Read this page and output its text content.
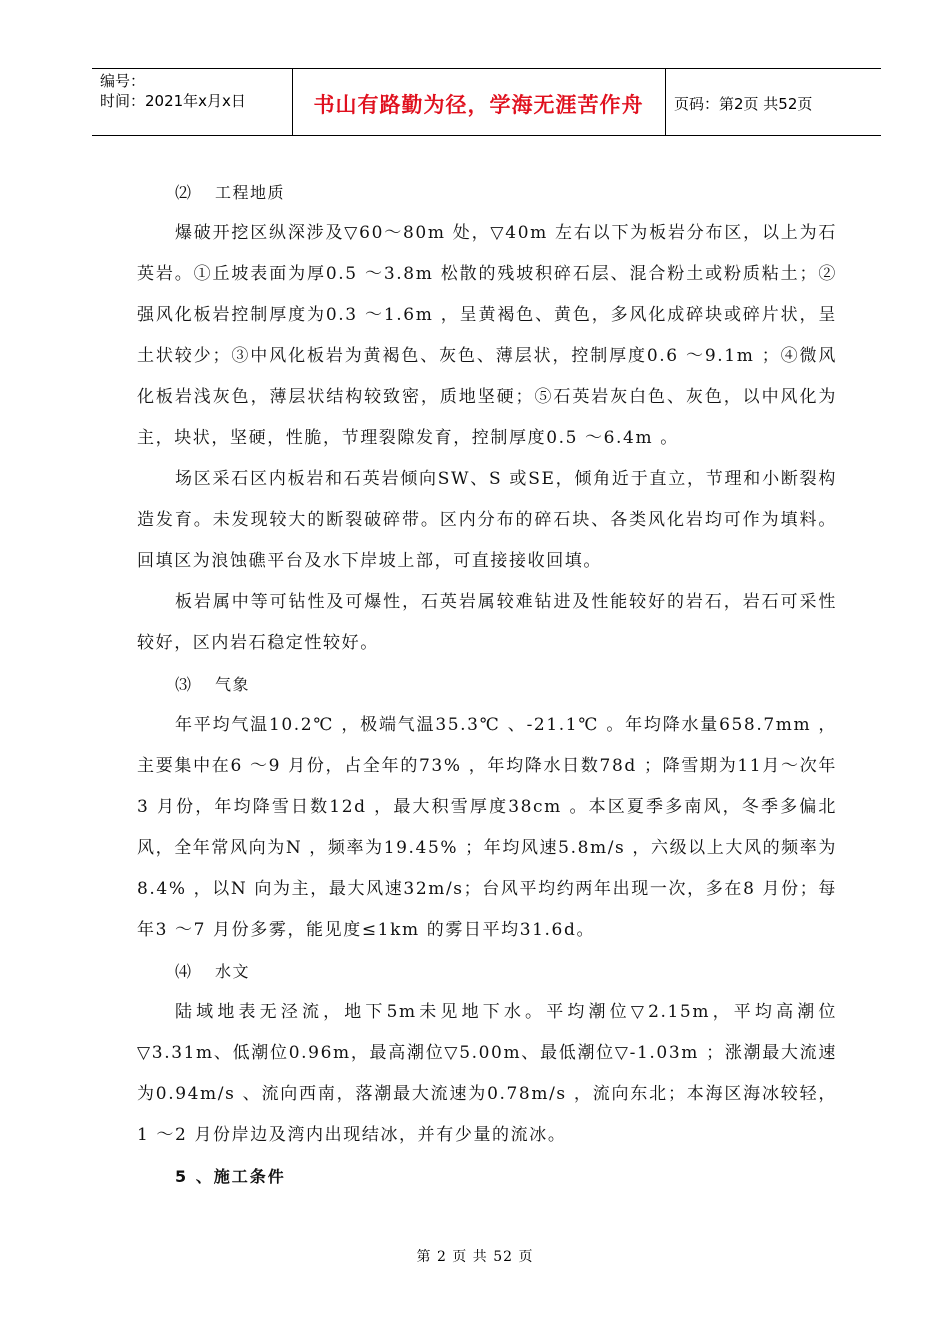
编号：
时间：2021年x月x日	书山有路勤为径，学海无涯苦作舟	页码：第2页 共52页
⑵ 工程地质

爆破开挖区纵深涉及▽60～80m 处，▽40m 左右以下为板岩分布区，以上为石英岩。①丘坡表面为厚0.5 ～3.8m 松散的残坡积碎石层、混合粉土或粉质粘土；②强风化板岩控制厚度为0.3 ～1.6m ，呈黄褐色、黄色，多风化成碎块或碎片状，呈土状较少；③中风化板岩为黄褐色、灰色、薄层状，控制厚度0.6 ～9.1m ；④微风化板岩浅灰色，薄层状结构较致密，质地坚硬；⑤石英岩灰白色、灰色，以中风化为主，块状，坚硬，性脆，节理裂隙发育，控制厚度0.5 ～6.4m 。

场区采石区内板岩和石英岩倾向SW、S 或SE，倾角近于直立，节理和小断裂构造发育。未发现较大的断裂破碎带。区内分布的碎石块、各类风化岩均可作为填料。回填区为浪蚀礁平台及水下岸坡上部，可直接接收回填。

板岩属中等可钻性及可爆性，石英岩属较难钻进及性能较好的岩石，岩石可采性较好，区内岩石稳定性较好。

⑶ 气象

年平均气温10.2℃ ，极端气温35.3℃ 、-21.1℃ 。年均降水量658.7mm ，主要集中在6 ～9 月份，占全年的73% ，年均降水日数78d ；降雪期为11月～次年3 月份，年均降雪日数12d ，最大积雪厚度38cm 。本区夏季多南风，冬季多偏北风，全年常风向为N ，频率为19.45% ；年均风速5.8m/s ，六级以上大风的频率为8.4% ，以N 向为主，最大风速32m/s；台风平均约两年出现一次，多在8 月份；每年3 ～7 月份多雾，能见度≤1km 的雾日平均31.6d。

⑷ 水文

陆域地表无泾流，地下5m未见地下水。平均潮位▽2.15m，平均高潮位▽3.31m、低潮位0.96m，最高潮位▽5.00m、最低潮位▽-1.03m ；涨潮最大流速为0.94m/s 、流向西南，落潮最大流速为0.78m/s ，流向东北；本海区海冰较轻，1 ～2 月份岸边及湾内出现结冰，并有少量的流冰。

5 、施工条件
第 2 页 共 52 页
